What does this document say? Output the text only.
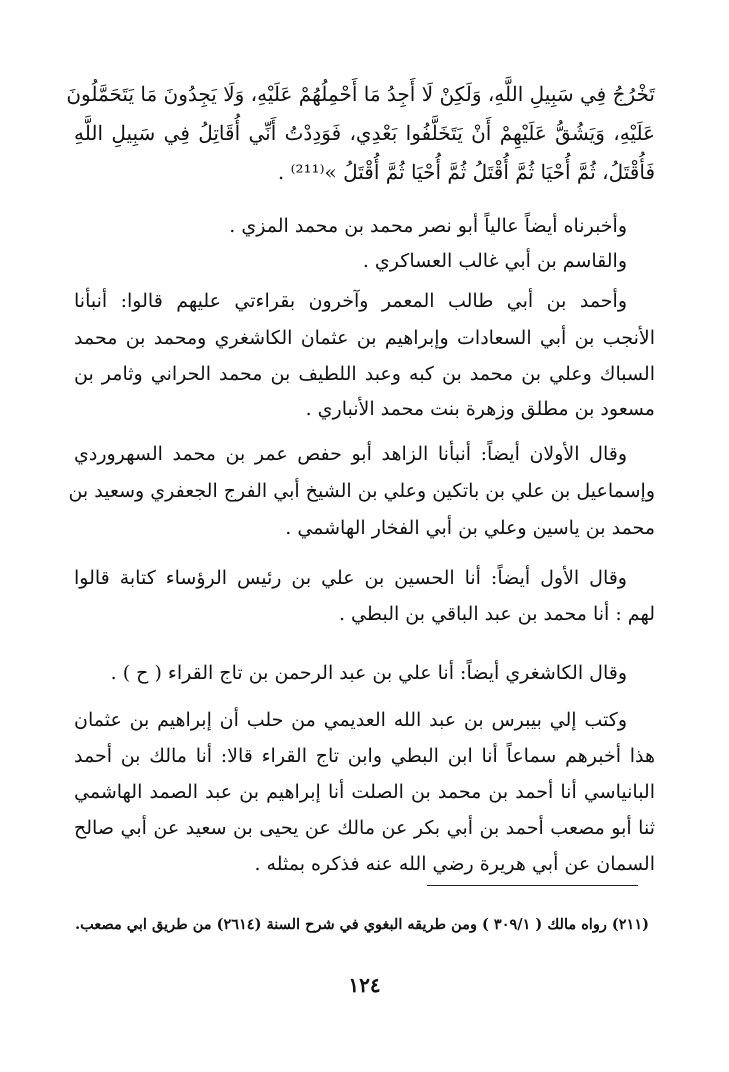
تَخْرُجُ فِي سَبِيلِ اللَّهِ، وَلَكِنْ لَا أَجِدُ مَا أَحْمِلُهُمْ عَلَيْهِ، وَلَا يَجِدُونَ مَا يَتَحَمَّلُونَ
عَلَيْهِ، وَيَشُقُّ عَلَيْهِمْ أَنْ يَتَخَلَّفُوا بَعْدِي، فَوَدِدْتُ أَنِّي أُقَاتِلُ فِي سَبِيلِ اللَّهِ
فَأُقْتَلُ، ثُمَّ أُحْيَا ثُمَّ أُقْتَلُ ثُمَّ أُحْيَا ثُمَّ أُقْتَلُ »⁽²¹¹⁾ .
وأخبرناه أيضاً عالياً أبو نصر محمد بن محمد المزي .
والقاسم بن أبي غالب العساكري .
وأحمد بن أبي طالب المعمر وآخرون بقراءتي عليهم قالوا: أنبأنا
الأنجب بن أبي السعادات وإبراهيم بن عثمان الكاشغري ومحمد بن محمد
السباك وعلي بن محمد بن كبه وعبد اللطيف بن محمد الحراني وثامر بن
مسعود بن مطلق وزهرة بنت محمد الأنباري .
وقال الأولان أيضاً: أنبأنا الزاهد أبو حفص عمر بن محمد السهروردي
وإسماعيل بن علي بن باتكين وعلي بن الشيخ أبي الفرج الجعفري وسعيد بن
محمد بن ياسين وعلي بن أبي الفخار الهاشمي .
وقال الأول أيضاً: أنا الحسين بن علي بن رئيس الرؤساء كتابة قالوا
لهم : أنا محمد بن عبد الباقي بن البطي .
وقال الكاشغري أيضاً: أنا علي بن عبد الرحمن بن تاج القراء ( ح ) .
وكتب إلي بيبرس بن عبد الله العديمي من حلب أن إبراهيم بن عثمان
هذا أخبرهم سماعاً أنا ابن البطي وابن تاج القراء قالا: أنا مالك بن أحمد
البانياسي أنا أحمد بن محمد بن الصلت أنا إبراهيم بن عبد الصمد الهاشمي
ثنا أبو مصعب أحمد بن أبي بكر عن مالك عن يحيى بن سعيد عن أبي صالح
السمان عن أبي هريرة رضي الله عنه فذكره بمثله .
(٢١١) رواه مالك ( ٣٠٩/١ ) ومن طريقه البغوي في شرح السنة (٢٦١٤) من طريق ابي مصعب.
١٢٤
